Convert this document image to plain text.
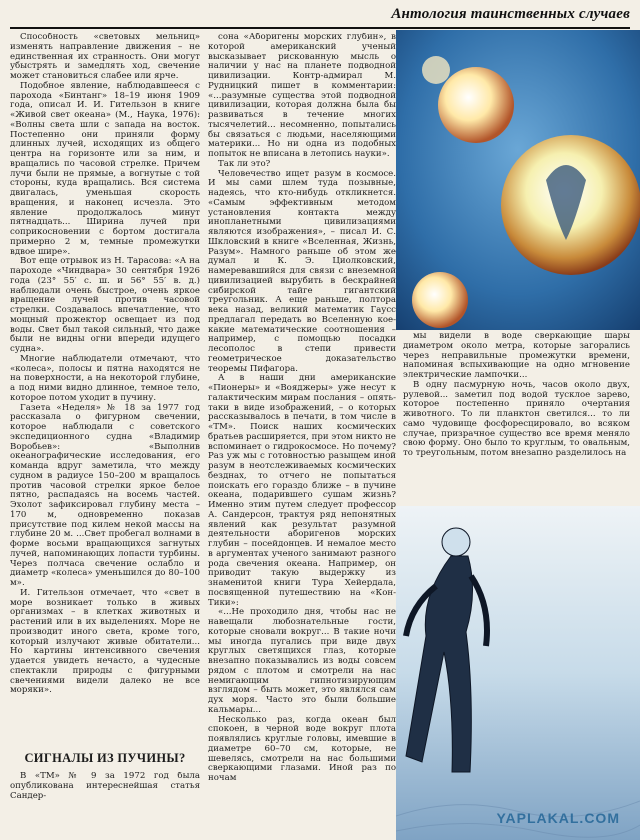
Антология таинственных случаев

Способность «световых мельниц» изменять направление движения – не единственная их странность. Они могут убыстрять и замедлять ход, свечение может становиться слабее или ярче.

Подобное явление, наблюдавшееся с парохода «Бинтанг» 18–19 июня 1909 года, описал И. И. Гительзон в книге «Живой свет океана» (М., Наука, 1976): «Волны света шли с запада на восток. Постепенно они приняли форму длинных лучей, исходящих из общего центра на горизонте или за ним, и вращались по часовой стрелке. Причем лучи были не прямые, а вогнутые с той стороны, куда вращались. Вся система двигалась, уменьшая скорость вращения, и наконец исчезла. Это явление продолжалось минут пятнадцать... Ширина лучей при соприкосновении с бортом достигала примерно 2 м, темные промежутки вдвое шире».

Вот еще отрывок из Н. Тарасова: «А на пароходе «Чиндвара» 30 сентября 1926 года (23° 55′ с. ш. и 56° 55′ в. д.) наблюдали очень быстрое, очень яркое вращение лучей против часовой стрелки. Создавалось впечатление, что мощный прожектор освещает из под воды. Свет был такой сильный, что даже были не видны огни впереди идущего судна».

Многие наблюдатели отмечают, что «колеса», полосы и пятна находятся не на поверхности, а на некоторой глубине, а под ними видно длинное, темное тело, которое потом уходит в пучину.

Газета «Неделя» № 18 за 1977 год рассказала о фигурном свечении, которое наблюдали с советского экспедиционного судна «Владимир Воробьев»: «Выполнив океанографические исследования, его команда вдруг заметила, что между судном в радиусе 150–200 м вращалось против часовой стрелки яркое белое пятно, распадаясь на восемь частей. Эхолот зафиксировал глубину места – 170 м, одновременно показав присутствие под килем некой массы на глубине 20 м. ...Свет пробегал волнами в форме восьми вращающихся загнутых лучей, напоминающих лопасти турбины. Через полчаса свечение ослабло и диаметр «колеса» уменьшился до 80–100 м».

И. Гительзон отмечает, что «свет в море возникает только в живых организмах – в клетках животных и растений или в их выделениях. Море не производит иного света, кроме того, который излучают живые обитатели... Но картины интенсивного свечения удается увидеть нечасто, а чудесные спектакли природы с фигурными свечениями видели далеко не все моряки».

СИГНАЛЫ ИЗ ПУЧИНЫ?

В «ТМ» № 9 за 1972 год была опубликована интереснейшая статья Сандер-

сона «Аборигены морских глубин», в которой американский ученый высказывает рискованную мысль о наличии у нас на планете подводной цивилизации. Контр-адмирал М. Рудницкий пишет в комментарии: «...разумные существа этой подводной цивилизации, которая должна была бы развиваться в течение многих тысячелетий... несомненно, попытались бы связаться с людьми, населяющими материки... Но ни одна из подобных попыток не вписана в летопись науки».

Так ли это?

Человечество ищет разум в космосе. И мы сами шлем туда позывные, надеясь, что кто-нибудь откликнется. «Самым эффективным методом установления контакта между инопланетными цивилизациями являются изображения», – писал И. С. Шкловский в книге «Вселенная, Жизнь, Разум». Намного раньше об этом же думал и К. Э. Циолковский, намеревавшийся для связи с внеземной цивилизацией вырубить в бескрайней сибирской тайге гигантский треугольник. А еще раньше, полтора века назад, великий математик Гаусс предлагал передать во Вселенную кое-какие математические соотношения – например, с помощью посадки лесополос в степи привести геометрическое доказательство теоремы Пифагора.

А в наши дни американские «Пионеры» и «Вояджеры» уже несут к галактическим мирам послания – опять-таки в виде изображений, – о которых рассказывалось в печати, в том числе в «ТМ». Поиск наших космических братьев расширяется, при этом никто не вспоминает о гидрокосмосе. Но почему? Раз уж мы с готовностью разыщем иной разум в неотслеживаемых космических безднах, то отчего не попытаться поискать его гораздо ближе – в пучине океана, подарившего сушам жизнь? Именно этим путем следует профессор А. Сандерсон, трактуя ряд непонятных явлений как результат разумной деятельности аборигенов морских глубин – посейдонцев. И немалое место в аргументах ученого занимают разного рода свечения океана. Например, он приводит такую выдержку из знаменитой книги Тура Хейердала, посвященной путешествию на «Кон-Тики»:

«...Не проходило дня, чтобы нас не навещали любознательные гости, которые сновали вокруг... В такие ночи мы иногда пугались при виде двух круглых светящихся глаз, которые внезапно показывались из воды совсем рядом с плотом и смотрели на нас немигающим гипнотизирующим взглядом – быть может, это являлся сам дух моря. Часто это были большие кальмары...

Несколько раз, когда океан был спокоен, в черной воде вокруг плота появлялись круглые головы, имевшие в диаметре 60–70 см, которые, не шевелясь, смотрели на нас большими сверкающими глазами. Иной раз по ночам

мы видели в воде сверкающие шары диаметром около метра, которые загорались через неправильные промежутки времени, напоминая вспыхивающие на одно мгновение электрические лампочки...

В одну пасмурную ночь, часов около двух, рулевой... заметил под водой тусклое зарево, которое постепенно приняло очертания животного. То ли планктон светился... то ли само чудовище фосфоресцировало, во всяком случае, призрачное существо все время меняло свою форму. Оно было то круглым, то овальным, то треугольным, потом внезапно разделилось на

YAPLAKAL.COM
